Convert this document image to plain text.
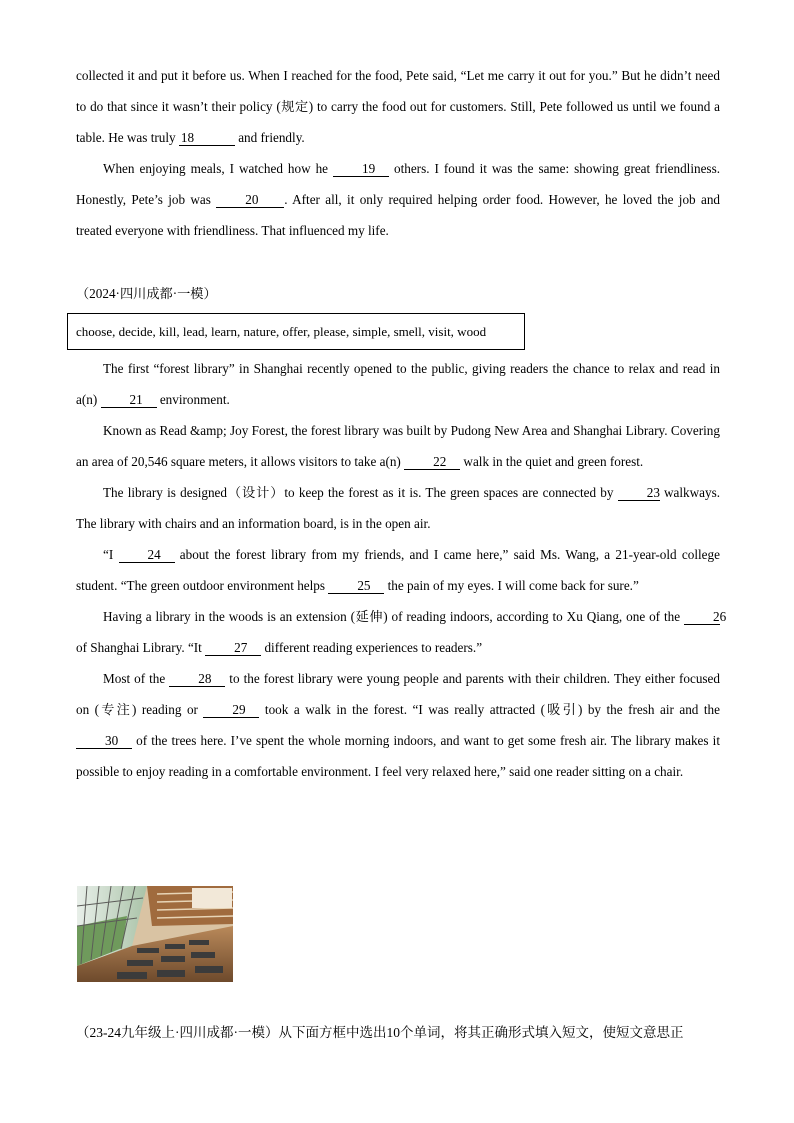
collected it and put it before us. When I reached for the food, Pete said, “Let me carry it out for you.” But he didn’t need to do that since it wasn’t their policy (规定) to carry the food out for customers. Still, Pete followed us until we found a table. He was truly 18	and friendly.

When enjoying meals, I watched how he 19 others. I found it was the same: showing great friendliness. Honestly, Pete’s job was 20 . After all, it only required helping order food. However, he loved the job and treated everyone with friendliness. That influenced my life.

（2024·四川成都·一模）
choose, decide, kill, lead, learn, nature, offer, please, simple, smell, visit, wood

The first “forest library” in Shanghai recently opened to the public, giving readers the chance to relax and read in a(n) 21 environment.

Known as Read &amp; Joy Forest, the forest library was built by Pudong New Area and Shanghai Library. Covering an area of 20,546 square meters, it allows visitors to take a(n) 22 walk in the quiet and green forest.

The library is designed（设计）to keep the forest as it is. The green spaces are connected by 23 walkways. The library with chairs and an information board, is in the open air.

“I 24 about the forest library from my friends, and I came here,” said Ms. Wang, a 21-year-old college student. “The green outdoor environment helps 25 the pain of my eyes. I will come back for sure.”

Having a library in the woods is an extension (延伸) of reading indoors, according to Xu Qiang, one of the 26 of Shanghai Library. “It 27 different reading experiences to readers.”

Most of the 28 to the forest library were young people and parents with their children. They either focused on (专注) reading or 29 took a walk in the forest. “I was really attracted (吸引) by the fresh air and the 30 of the trees here. I’ve spent the whole morning indoors, and want to get some fresh air. The library makes it possible to enjoy reading in a comfortable environment. I feel very relaxed here,” said one reader sitting on a chair.

（23-24九年级上·四川成都·一模）从下面方框中选出10个单词，将其正确形式填入短文，使短文意思正
